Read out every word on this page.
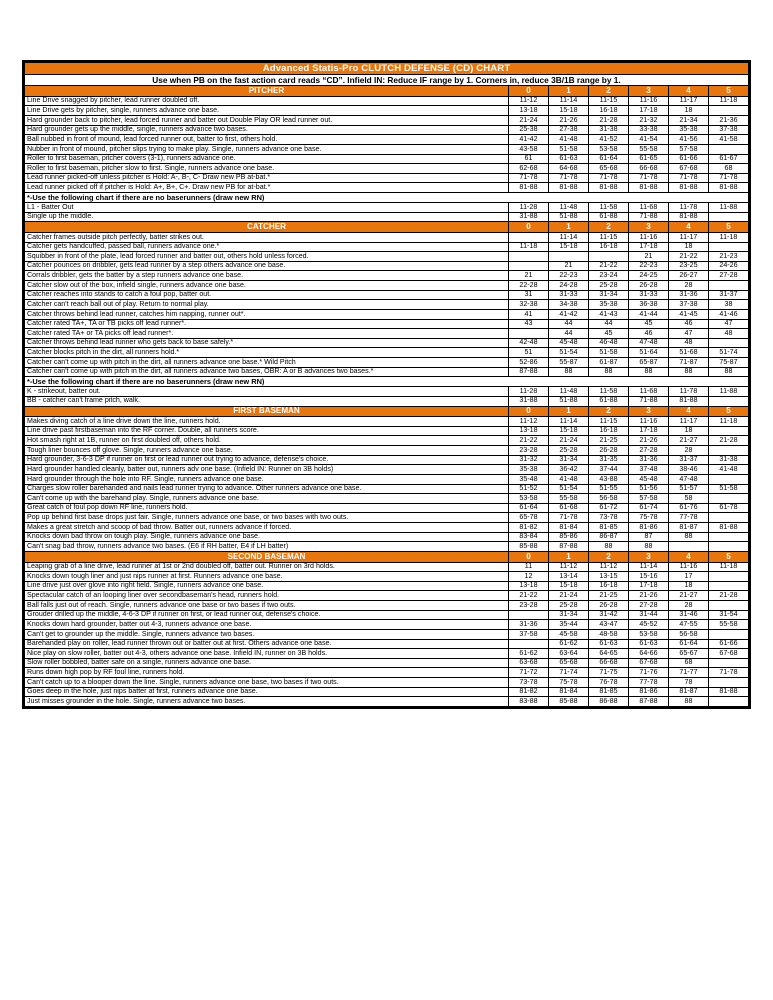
Advanced Statis-Pro CLUTCH DEFENSE (CD) CHART						
Use when PB on the fast action card reads “CD”. Infield IN: Reduce IF range by 1. Corners in, reduce 3B/1B range by 1.						
PITCHER	0	1	2	3	4	5
Line Drive snagged by pitcher, lead runner doubled off.	11-12	11-14	11-15	11-16	11-17	11-18
Line Drive gets by pitcher, single, runners advance one base.	13-18	15-18	16-18	17-18	18	
Hard grounder back to pitcher, lead forced runner and batter out Double Play OR lead runner out.	21-24	21-26	21-28	21-32	21-34	21-36
Hard grounder gets up the middle, single, runners advance two bases.	25-38	27-38	31-38	33-38	35-38	37-38
Ball nubbed in front of mound, lead forced runner out, batter to first, others hold.	41-42	41-48	41-52	41-54	41-56	41-58
Nubber in front of mound, pitcher slips trying to make play. Single, runners advance one base.	43-58	51-58	53-58	55-58	57-58	
Roller to first baseman, pitcher covers (3-1), runners advance one.	61	61-63	61-64	61-65	61-66	61-67
Roller to first baseman, pitcher slow to first. Single, runners advance one base.	62-68	64-68	65-68	66-68	67-68	68
Lead runner picked-off unless pitcher is Hold: A-, B-, C- Draw new PB at-bat.*	71-78	71-78	71-78	71-78	71-78	71-78
Lead runner picked off if pitcher is Hold: A+, B+, C+. Draw new PB for at-bat.*	81-88	81-88	81-88	81-88	81-88	81-88
*-Use the following chart if there are no baserunners (draw new RN)						
L1 - Batter Out	11-28	11-48	11-58	11-68	11-78	11-88
Single up the middle.	31-88	51-88	61-88	71-88	81-88	
CATCHER	0	1	2	3	4	5
Catcher frames outside pitch perfectly, batter strikes out.		11-14	11-15	11-16	11-17	11-18
Catcher gets handcuffed, passed ball, runners advance one.*	11-18	15-18	16-18	17-18	18	
Squibber in front of the plate, lead forced runner and batter out, others hold unless forced.				21	21-22	21-23
Catcher pounces on dribbler, gets lead runner by a step others advance one base.		21	21-22	22-23	23-25	24-26
Corrals dribbler, gets the batter by a step runners advance one base.	21	22-23	23-24	24-25	26-27	27-28
Catcher slow out of the box, infield single, runners advance one base.	22-28	24-28	25-28	26-28	28	
Catcher reaches into stands to catch a foul pop, batter out.	31	31-33	31-34	31-33	31-36	31-37
Catcher can't reach ball out of play. Return to normal play.	32-38	34-38	35-38	36-38	37-38	38
Catcher throws behind lead runner, catches him napping, runner out*.	41	41-42	41-43	41-44	41-45	41-46
Catcher rated TA+, TA or TB picks off lead runner*.	43	44	44	45	46	47
Catcher rated TA+ or TA picks off lead runner*.		44	45	46	47	48
Catcher throws behind lead runner who gets back to base safely.*	42-48	45-48	46-48	47-48	48	
Catcher blocks pitch in the dirt, all runners hold.*	51	51-54	51-58	51-64	51-68	51-74
Catcher can't come up with pitch in the dirt, all runners advance one base.* Wild Pitch	52-86	55-87	61-87	65-87	71-87	75-87
Catcher can't come up with pitch in the dirt, all runners advance two bases, OBR: A or B advances two bases.*	87-88	88	88	88	88	88
*-Use the following chart if there are no baserunners (draw new RN)						
K - strikeout, batter out.	11-28	11-48	11-58	11-68	11-78	11-88
BB - catcher can't frame pitch, walk.	31-88	51-88	61-88	71-88	81-88	
FIRST BASEMAN	0	1	2	3	4	5
Makes diving catch of a line drive down the line, runners hold.	11-12	11-14	11-15	11-16	11-17	11-18
Line drive past firstbaseman into the RF corner. Double, all runners score.	13-18	15-18	16-18	17-18	18	
Hot smash right at 1B, runner on first doubled off, others hold.	21-22	21-24	21-25	21-26	21-27	21-28
Tough liner bounces off glove. Single, runners advance one base.	23-28	25-28	26-28	27-28	28	
Hard grounder, 3-6-3 DP if runner on first or lead runner out trying to advance, defense's choice.	31-32	31-34	31-35	31-36	31-37	31-38
Hard grounder handled cleanly, batter out, runners adv one base. (Infield IN: Runner on 3B holds)	35-38	36-42	37-44	37-48	38-46	41-48
Hard grounder through the hole into RF. Single, runners advance one base.	35-48	41-48	43-88	45-48	47-48	
Charges slow roller barehanded and nails lead runner trying to advance. Other runners advance one base.	51-52	51-54	51-55	51-56	51-57	51-58
Can't come up with the barehand play. Single, runners advance one base.	53-58	55-58	56-58	57-58	58	
Great catch of foul pop down RF line, runners hold.	61-64	61-68	61-72	61-74	61-76	61-78
Pop up behind first base drops just fair. Single, runners advance one base, or two bases with two outs.	65-78	71-78	73-78	75-78	77-78	
Makes a great stretch and scoop of bad throw. Batter out, runners advance if forced.	81-82	81-84	81-85	81-86	81-87	81-88
Knocks down bad throw on tough play. Single, runners advance one base.	83-84	85-86	86-87	87	88	
Can't snag bad throw, runners advance two bases. (E6 if RH batter, E4 if LH batter)	85-88	87-88	88	88		
SECOND BASEMAN	0	1	2	3	4	5
Leaping grab of a line drive, lead runner at 1st or 2nd doubled off, batter out. Runner on 3rd holds.	11	11-12	11-12	11-14	11-16	11-18
Knocks down tough liner and just nips runner at first. Runners advance one base.	12	13-14	13-15	15-16	17	
Line drive just over glove into right field. Single, runners advance one base.	13-18	15-18	16-18	17-18	18	
Spectacular catch of an looping liner over secondbaseman's head, runners hold.	21-22	21-24	21-25	21-26	21-27	21-28
Ball falls just out of reach. Single, runners advance one base or two bases if two outs.	23-28	25-28	26-28	27-28	28	
Grouder drilled up the middle, 4-6-3 DP if runner on first, or lead runner out, defense's choice.		31-34	31-42	31-44	31-46	31-54
Knocks down hard grounder, batter out 4-3, runners advance one base.	31-36	35-44	43-47	45-52	47-55	55-58
Can't get to grounder up the middle. Single, runners advance two bases.	37-58	45-58	48-58	53-58	56-58	
Barehanded play on roller, lead runner thrown out or batter out at first. Others advance one base.		61-62	61-63	61-63	61-64	61-66
Nice play on slow roller, batter out 4-3, others advance one base. Infield IN, runner on 3B holds.	61-62	63-64	64-65	64-66	65-67	67-68
Slow roller bobbled, batter safe on a single, runners advance one base.	63-68	65-68	66-68	67-68	68	
Runs down high pop by RF foul line, runners hold.	71-72	71-74	71-75	71-76	71-77	71-78
Can't catch up to a blooper down the line. Single, runners advance one base, two bases if two outs.	73-78	75-78	76-78	77-78	78	
Goes deep in the hole, just nips batter at first, runners advance one base.	81-82	81-84	81-85	81-86	81-87	81-88
Just misses grounder in the hole. Single, runners advance two bases.	83-88	85-88	86-88	87-88	88	
